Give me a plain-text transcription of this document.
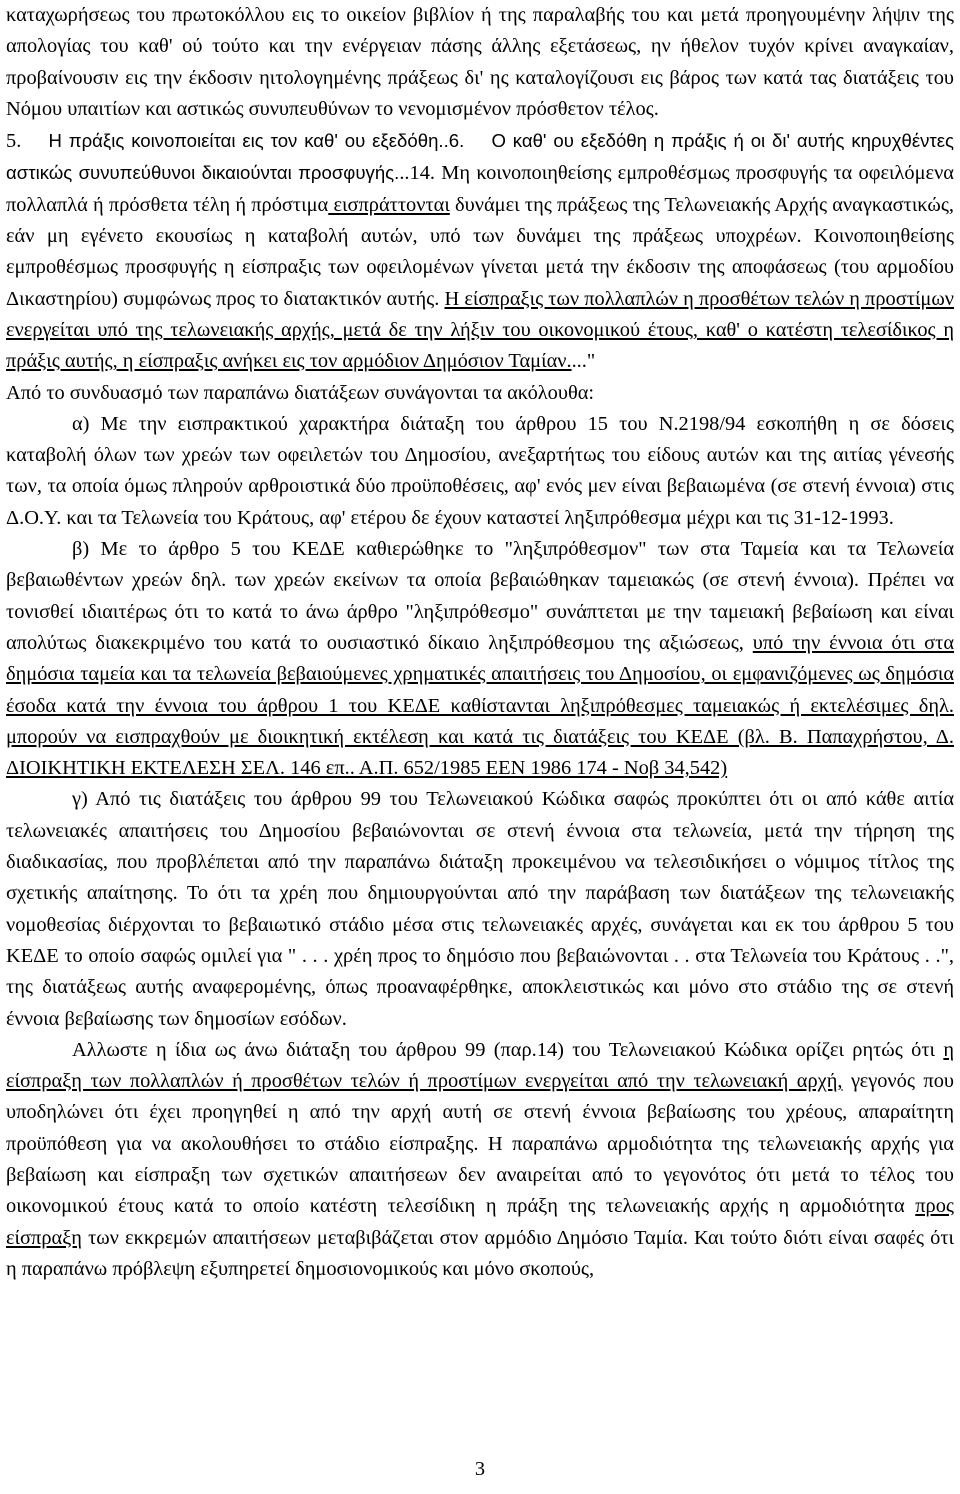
καταχωρήσεως του πρωτοκόλλου εις το οικείον βιβλίον ή της παραλαβής του και μετά προηγουμένην λήψιν της απολογίας του καθ' ού τούτο και την ενέργειαν πάσης άλλης εξετάσεως, ην ήθελον τυχόν κρίνει αναγκαίαν, προβαίνουσιν εις την έκδοσιν ηιτολογημένης πράξεως δι' ης καταλογίζουσι εις βάρος των κατά τας διατάξεις του Νόμου υπαιτίων και αστικώς συνυπευθύνων το νενομισμένον πρόσθετον τέλος.
5. Η πράξις κοινοποιείται εις τον καθ' ου εξεδόθη..6. Ο καθ' ου εξεδόθη η πράξις ή οι δι' αυτής κηρυχθέντες αστικώς συνυπεύθυνοι δικαιούνται προσφυγής...14. Μη κοινοποιηθείσης εμπροθέσμως προσφυγής τα οφειλόμενα πολλαπλά ή πρόσθετα τέλη ή πρόστιμα εισπράττονται δυνάμει της πράξεως της Τελωνειακής Αρχής αναγκαστικώς, εάν μη εγένετο εκουσίως η καταβολή αυτών, υπό των δυνάμει της πράξεως υποχρέων. Κοινοποιηθείσης εμπροθέσμως προσφυγής η είσπραξις των οφειλομένων γίνεται μετά την έκδοσιν της αποφάσεως (του αρμοδίου Δικαστηρίου) συμφώνως προς το διατακτικόν αυτής. Η είσπραξις των πολλαπλών η προσθέτων τελών η προστίμων ενεργείται υπό της τελωνειακής αρχής, μετά δε την λήξιν του οικονομικού έτους, καθ' ο κατέστη τελεσίδικος η πράξις αυτής, η είσπραξις ανήκει εις τον αρμόδιον Δημόσιον Ταμίαν...."

Από το συνδυασμό των παραπάνω διατάξεων συνάγονται τα ακόλουθα:

α) Με την εισπρακτικού χαρακτήρα διάταξη του άρθρου 15 του Ν.2198/94 εσκοπήθη η σε δόσεις καταβολή όλων των χρεών των οφειλετών του Δημοσίου, ανεξαρτήτως του είδους αυτών και της αιτίας γένεσής των, τα οποία όμως πληρούν αρθροιστικά δύο προϋποθέσεις, αφ' ενός μεν είναι βεβαιωμένα (σε στενή έννοια) στις Δ.Ο.Υ. και τα Τελωνεία του Κράτους, αφ' ετέρου δε έχουν καταστεί ληξιπρόθεσμα μέχρι και τις 31-12-1993.

β) Με το άρθρο 5 του ΚΕΔΕ καθιερώθηκε το "ληξιπρόθεσμον" των στα Ταμεία και τα Τελωνεία βεβαιωθέντων χρεών δηλ. των χρεών εκείνων τα οποία βεβαιώθηκαν ταμειακώς (σε στενή έννοια). Πρέπει να τονισθεί ιδιαιτέρως ότι το κατά το άνω άρθρο "ληξιπρόθεσμο" συνάπτεται με την ταμειακή βεβαίωση και είναι απολύτως διακεκριμένο του κατά το ουσιαστικό δίκαιο ληξιπρόθεσμου της αξιώσεως, υπό την έννοια ότι στα δημόσια ταμεία και τα τελωνεία βεβαιούμενες χρηματικές απαιτήσεις του Δημοσίου, οι εμφανιζόμενες ως δημόσια έσοδα κατά την έννοια του άρθρου 1 του ΚΕΔΕ καθίστανται ληξιπρόθεσμες ταμειακώς ή εκτελέσιμες δηλ. μπορούν να εισπραχθούν με διοικητική εκτέλεση και κατά τις διατάξεις του ΚΕΔΕ (βλ. Β. Παπαχρήστου, Δ. ΔΙΟΙΚΗΤΙΚΗ ΕΚΤΕΛΕΣΗ ΣΕΛ. 146 επ.. Α.Π. 652/1985 ΕΕΝ 1986 174 - Νοβ 34,542)

γ) Από τις διατάξεις του άρθρου 99 του Τελωνειακού Κώδικα σαφώς προκύπτει ότι οι από κάθε αιτία τελωνειακές απαιτήσεις του Δημοσίου βεβαιώνονται σε στενή έννοια στα τελωνεία, μετά την τήρηση της διαδικασίας, που προβλέπεται από την παραπάνω διάταξη προκειμένου να τελεσιδικήσει ο νόμιμος τίτλος της σχετικής απαίτησης. Το ότι τα χρέη που δημιουργούνται από την παράβαση των διατάξεων της τελωνειακής νομοθεσίας διέρχονται το βεβαιωτικό στάδιο μέσα στις τελωνειακές αρχές, συνάγεται και εκ του άρθρου 5 του ΚΕΔΕ το οποίο σαφώς ομιλεί για " . . . χρέη προς το δημόσιο που βεβαιώνονται . . στα Τελωνεία του Κράτους . .", της διατάξεως αυτής αναφερομένης, όπως προαναφέρθηκε, αποκλειστικώς και μόνο στο στάδιο της σε στενή έννοια βεβαίωσης των δημοσίων εσόδων.

Αλλωστε η ίδια ως άνω διάταξη του άρθρου 99 (παρ.14) του Τελωνειακού Κώδικα ορίζει ρητώς ότι η είσπραξη των πολλαπλών ή προσθέτων τελών ή προστίμων ενεργείται από την τελωνειακή αρχή, γεγονός που υποδηλώνει ότι έχει προηγηθεί η από την αρχή αυτή σε στενή έννοια βεβαίωσης του χρέους, απαραίτητη προϋπόθεση για να ακολουθήσει το στάδιο είσπραξης. Η παραπάνω αρμοδιότητα της τελωνειακής αρχής για βεβαίωση και είσπραξη των σχετικών απαιτήσεων δεν αναιρείται από το γεγονότος ότι μετά το τέλος του οικονομικού έτους κατά το οποίο κατέστη τελεσίδικη η πράξη της τελωνειακής αρχής η αρμοδιότητα προς είσπραξη των εκκρεμών απαιτήσεων μεταβιβάζεται στον αρμόδιο Δημόσιο Ταμία. Και τούτο διότι είναι σαφές ότι η παραπάνω πρόβλεψη εξυπηρετεί δημοσιονομικούς και μόνο σκοπούς,

3
